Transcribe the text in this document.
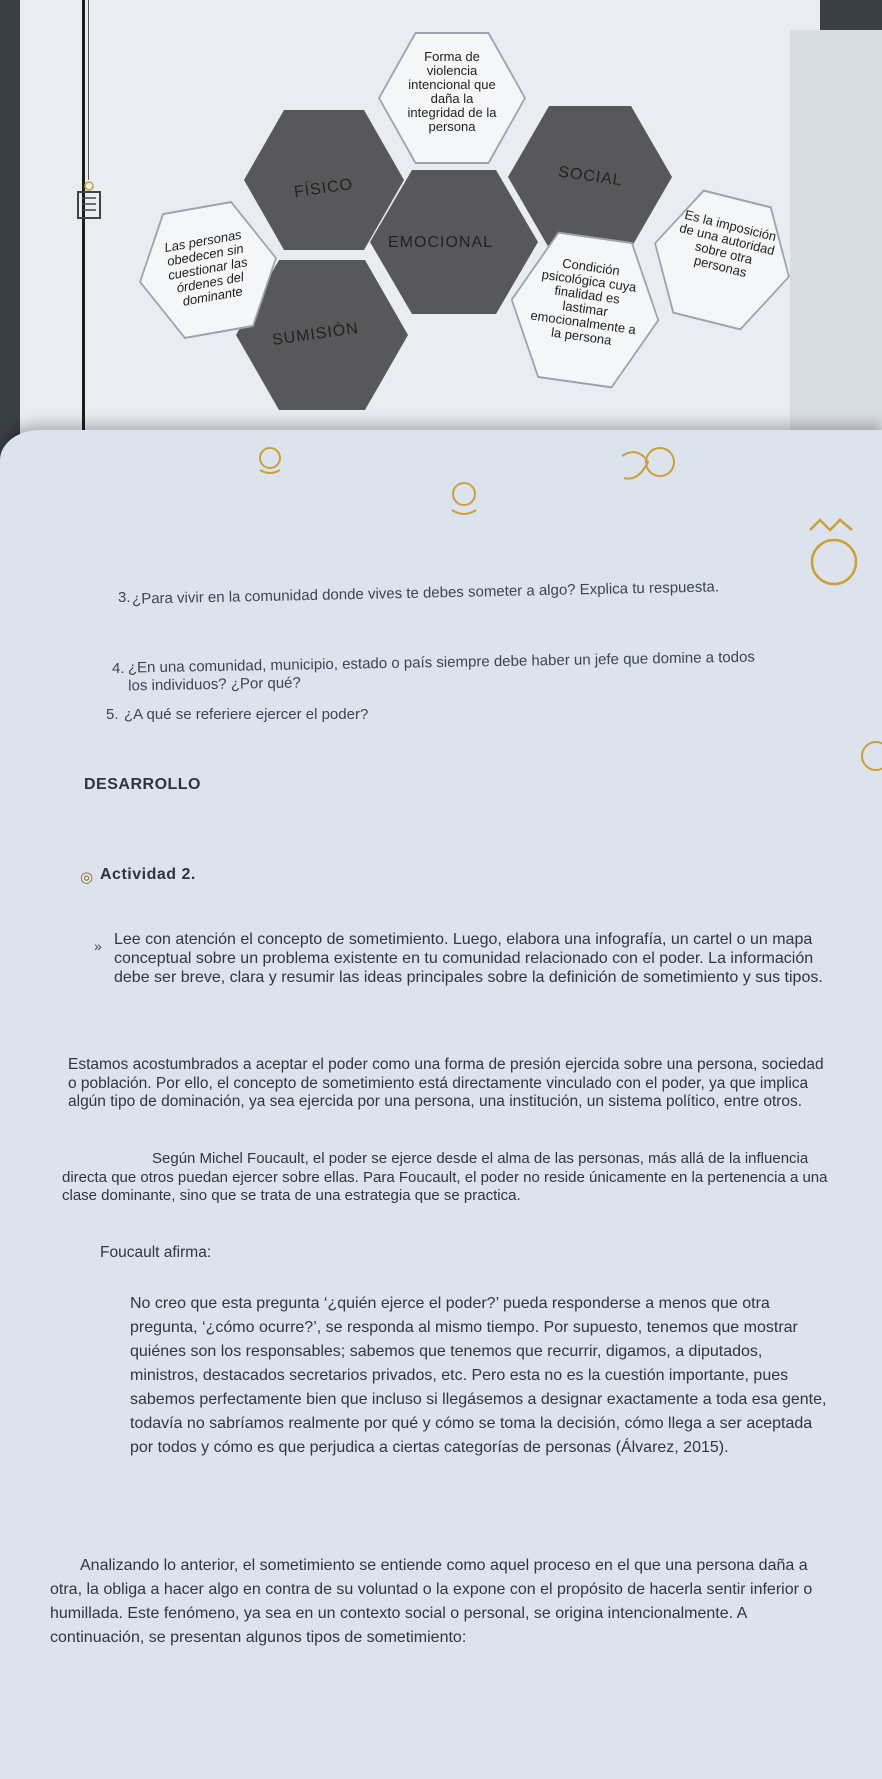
Forma de violencia intencional que daña la integridad de la persona
FÍSICO	SOCIAL
EMOCIONAL
SUMISIÓN
Las personas obedecen sin cuestionar las órdenes del dominante
Condición psicológica cuya finalidad es lastimar emocionalmente a la persona
Es la imposición de una autoridad sobre otra personas
3. ¿Para vivir en la comunidad donde vives te debes someter a algo? Explica tu respuesta.
4. ¿En una comunidad, municipio, estado o país siempre debe haber un jefe que domine a todos los individuos? ¿Por qué?
5. ¿A qué se referiere ejercer el poder?
DESARROLLO
◎ Actividad 2.
» Lee con atención el concepto de sometimiento. Luego, elabora una infografía, un cartel o un mapa conceptual sobre un problema existente en tu comunidad relacionado con el poder. La información debe ser breve, clara y resumir las ideas principales sobre la definición de sometimiento y sus tipos.
Estamos acostumbrados a aceptar el poder como una forma de presión ejercida sobre una persona, sociedad o población. Por ello, el concepto de sometimiento está directamente vinculado con el poder, ya que implica algún tipo de dominación, ya sea ejercida por una persona, una institución, un sistema político, entre otros.
Según Michel Foucault, el poder se ejerce desde el alma de las personas, más allá de la influencia directa que otros puedan ejercer sobre ellas. Para Foucault, el poder no reside únicamente en la pertenencia a una clase dominante, sino que se trata de una estrategia que se practica.
Foucault afirma:
No creo que esta pregunta ‘¿quién ejerce el poder?’ pueda responderse a menos que otra pregunta, ‘¿cómo ocurre?’, se responda al mismo tiempo. Por supuesto, tenemos que mostrar quiénes son los responsables; sabemos que tenemos que recurrir, digamos, a diputados, ministros, destacados secretarios privados, etc. Pero esta no es la cuestión importante, pues sabemos perfectamente bien que incluso si llegásemos a designar exactamente a toda esa gente, todavía no sabríamos realmente por qué y cómo se toma la decisión, cómo llega a ser aceptada por todos y cómo es que perjudica a ciertas categorías de personas (Álvarez, 2015).
Analizando lo anterior, el sometimiento se entiende como aquel proceso en el que una persona daña a otra, la obliga a hacer algo en contra de su voluntad o la expone con el propósito de hacerla sentir inferior o humillada. Este fenómeno, ya sea en un contexto social o personal, se origina intencionalmente. A continuación, se presentan algunos tipos de sometimiento:
